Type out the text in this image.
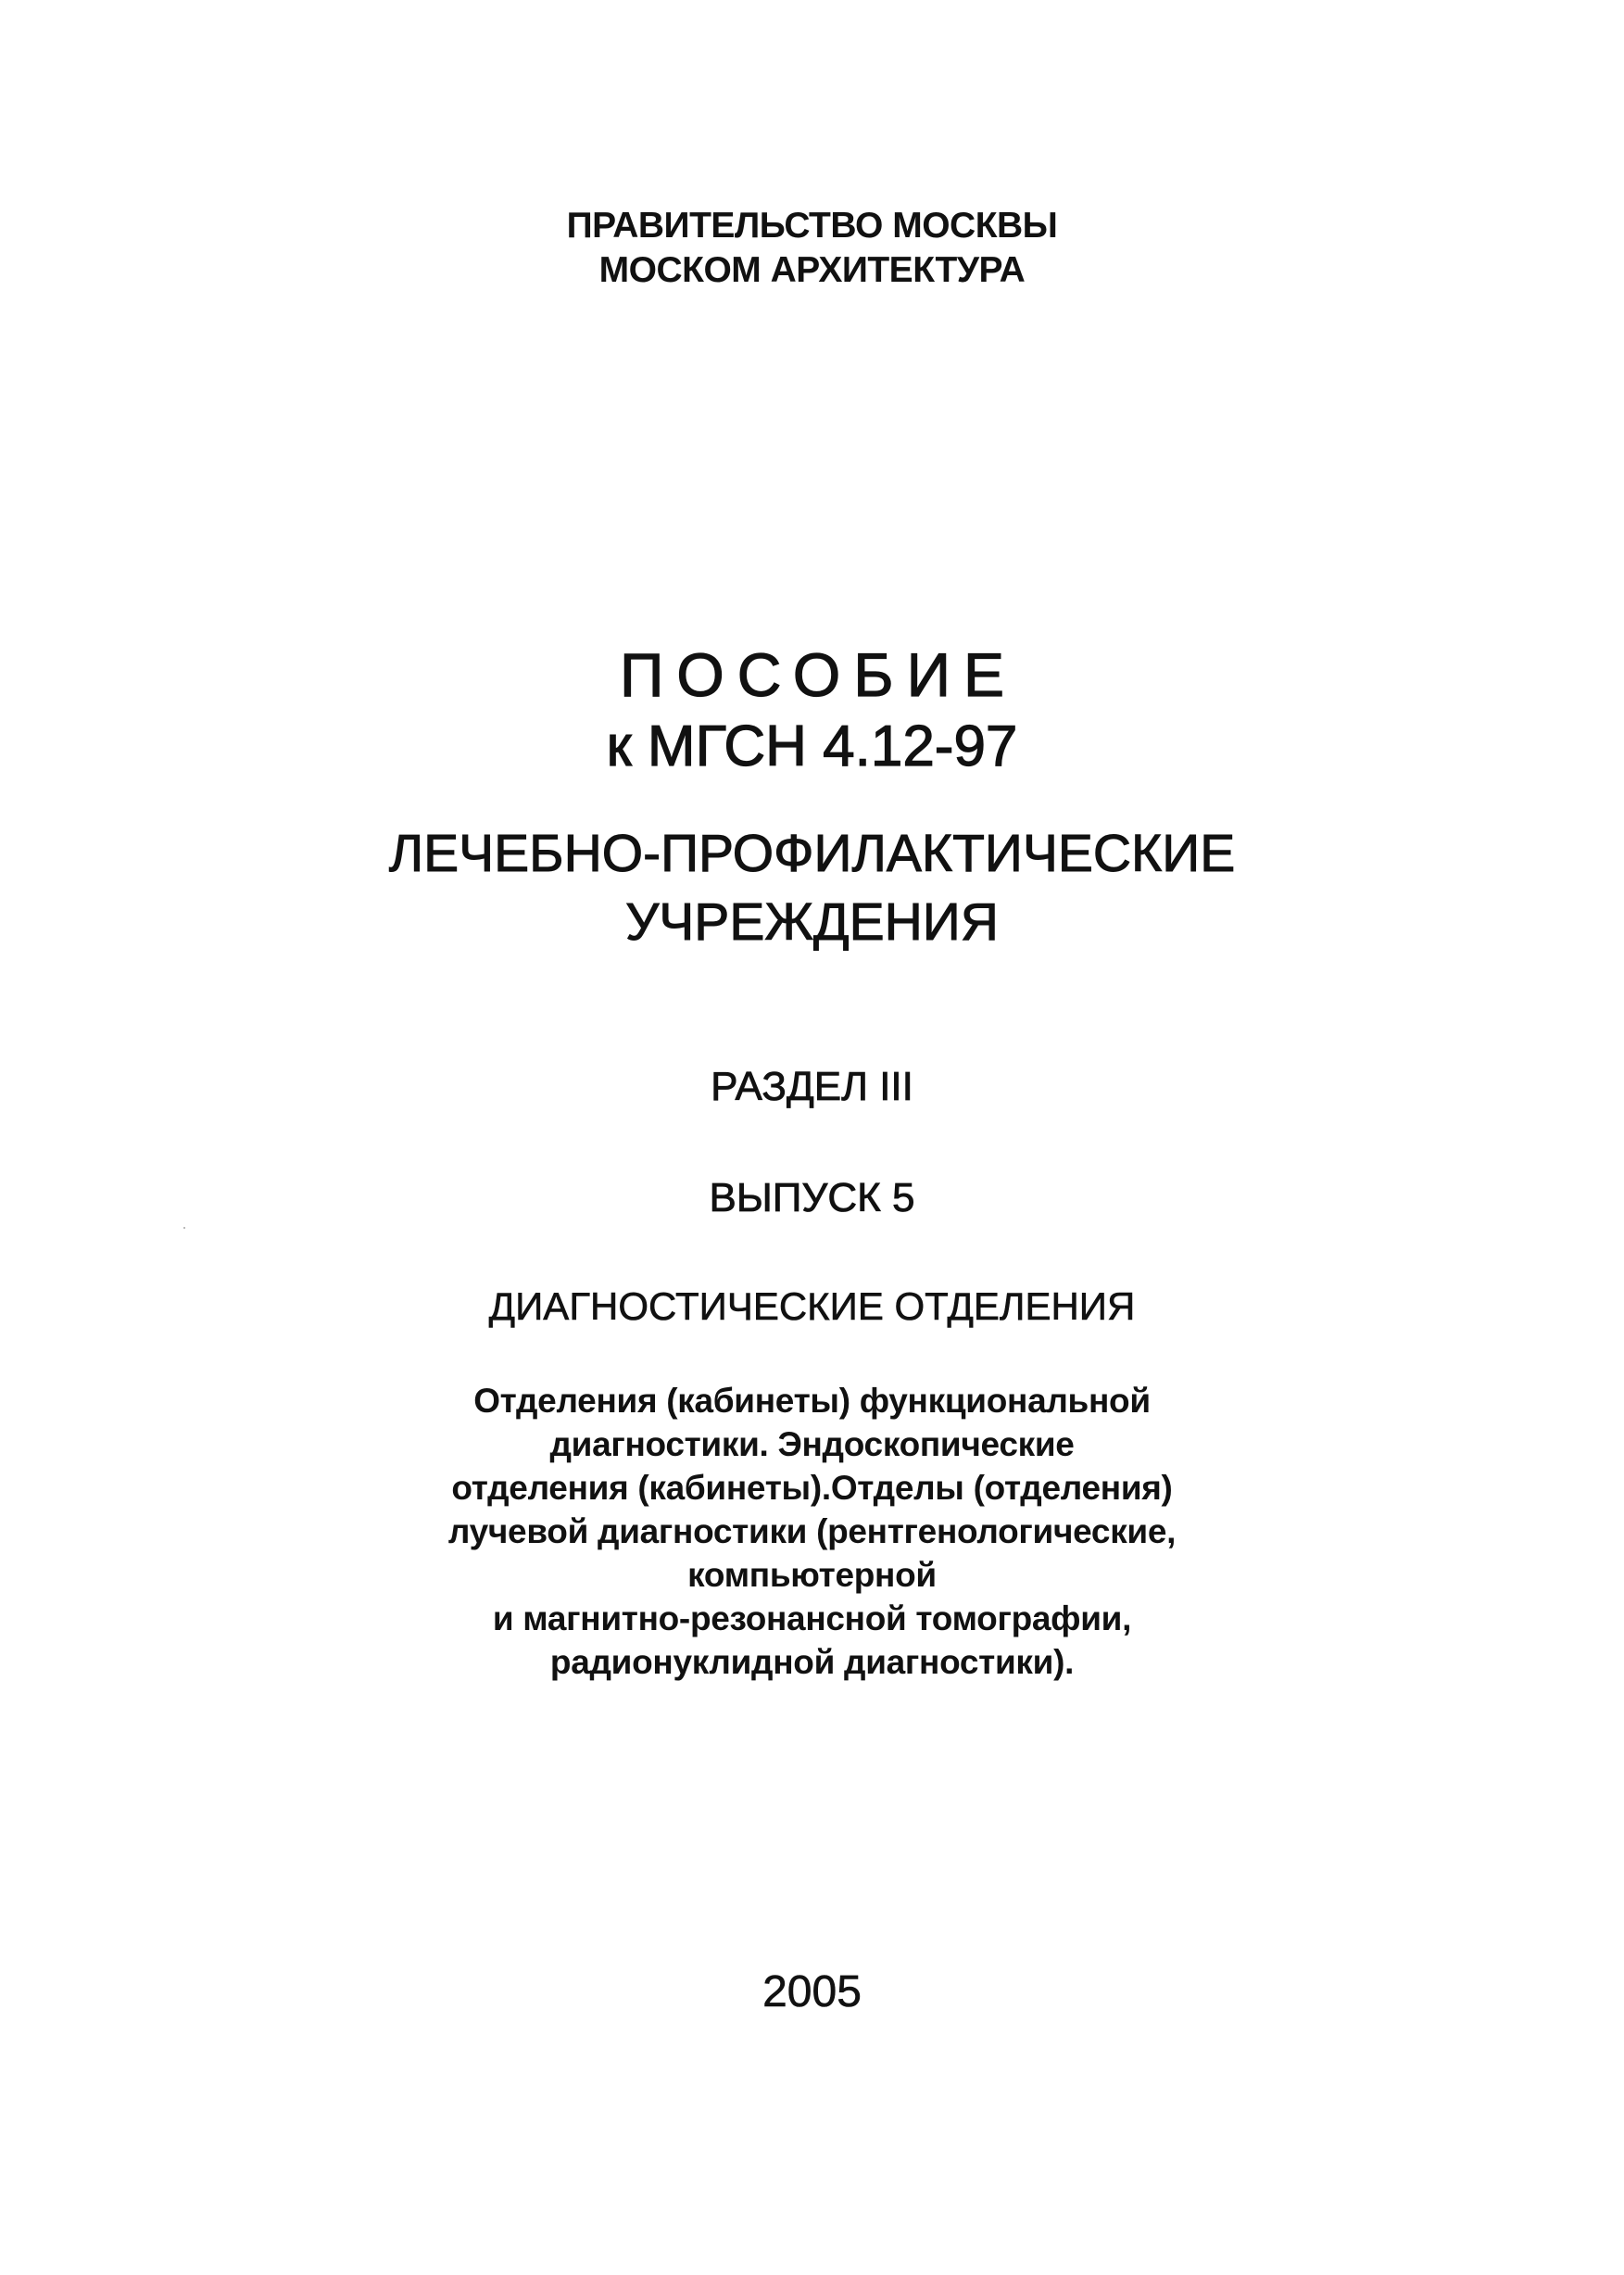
ПРАВИТЕЛЬСТВО МОСКВЫ
МОСКОМ АРХИТЕКТУРА
ПОСОБИЕ
к МГСН 4.12-97
ЛЕЧЕБНО-ПРОФИЛАКТИЧЕСКИЕ
УЧРЕЖДЕНИЯ
РАЗДЕЛ III
ВЫПУСК 5
ДИАГНОСТИЧЕСКИЕ ОТДЕЛЕНИЯ
Отделения (кабинеты) функциональной
диагностики. Эндоскопические
отделения (кабинеты).Отделы (отделения)
лучевой диагностики (рентгенологические,
компьютерной
и магнитно-резонансной томографии,
радионуклидной диагностики).
2005
